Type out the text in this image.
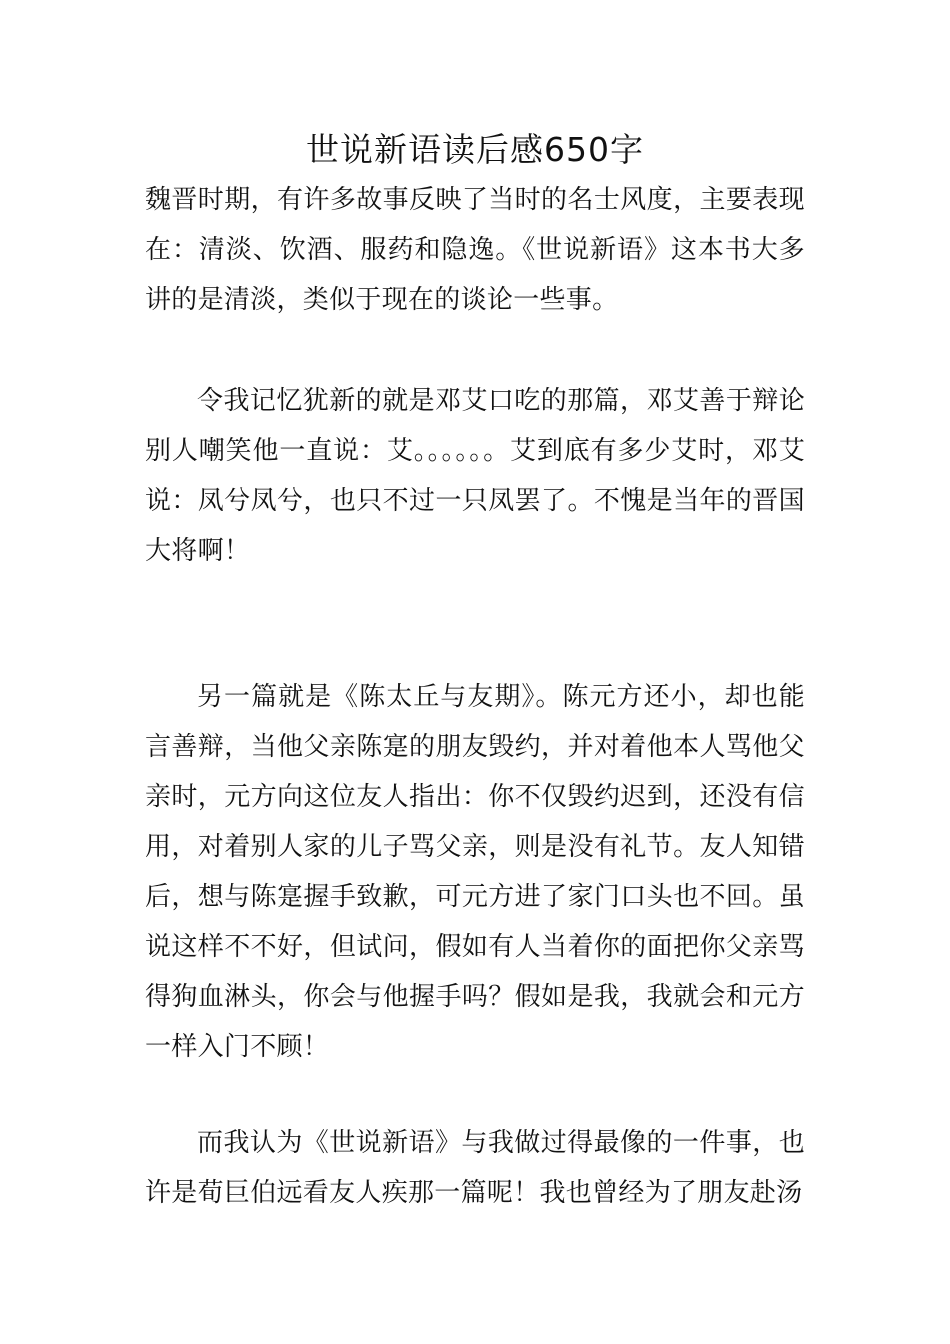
世说新语读后感650字

魏晋时期，有许多故事反映了当时的名士风度，主要表现在：清淡、饮酒、服药和隐逸。《世说新语》这本书大多讲的是清淡，类似于现在的谈论一些事。

令我记忆犹新的就是邓艾口吃的那篇，邓艾善于辩论别人嘲笑他一直说：艾。。。。。。艾到底有多少艾时，邓艾说：凤兮凤兮，也只不过一只凤罢了。不愧是当年的晋国大将啊！

另一篇就是《陈太丘与友期》。陈元方还小，却也能言善辩，当他父亲陈寔的朋友毁约，并对着他本人骂他父亲时，元方向这位友人指出：你不仅毁约迟到，还没有信用，对着别人家的儿子骂父亲，则是没有礼节。友人知错后，想与陈寔握手致歉，可元方进了家门口头也不回。虽说这样不不好，但试问，假如有人当着你的面把你父亲骂得狗血淋头，你会与他握手吗？假如是我，我就会和元方一样入门不顾！

而我认为《世说新语》与我做过得最像的一件事，也许是荀巨伯远看友人疾那一篇呢！我也曾经为了朋友赴汤
